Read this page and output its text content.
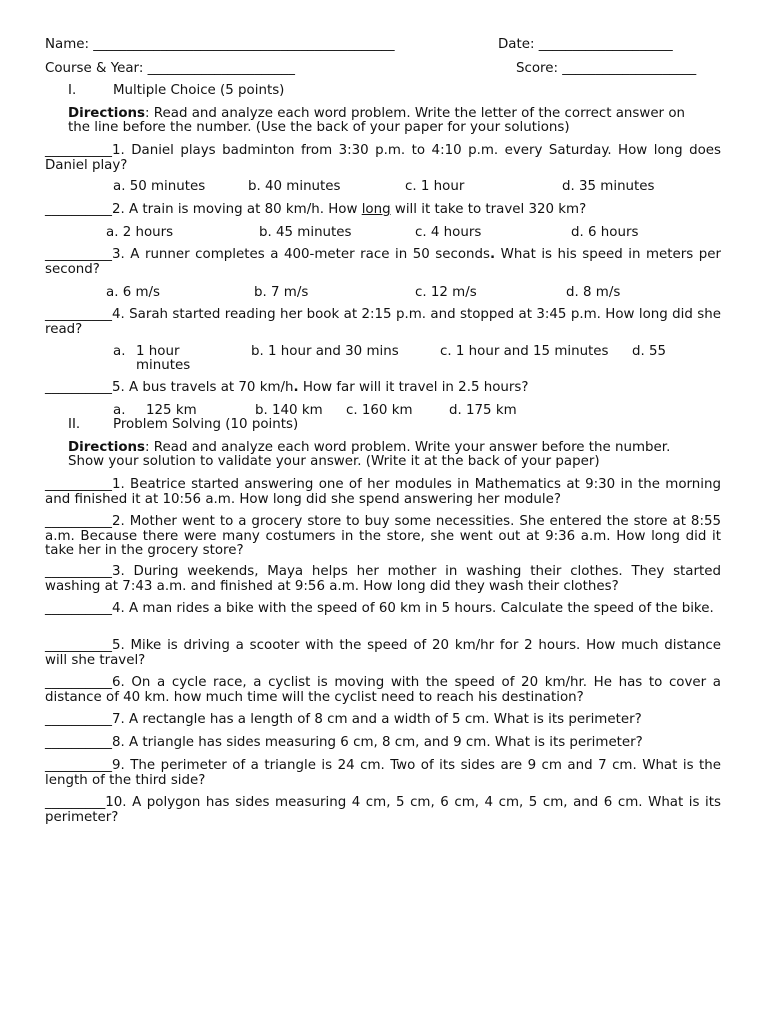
Name: _____________________________________________	Date: ____________________
Course & Year: ______________________	Score: ____________________
I.	Multiple Choice (5 points)
Directions: Read and analyze each word problem. Write the letter of the correct answer on
the line before the number. (Use the back of your paper for your solutions)
__________1. Daniel plays badminton from 3:30 p.m. to 4:10 p.m. every Saturday. How long does Daniel play?
a. 50 minutes	b. 40 minutes	c. 1 hour	d. 35 minutes
__________2. A train is moving at 80 km/h. How long will it take to travel 320 km?
a. 2 hours	b. 45 minutes	c. 4 hours	d. 6 hours
__________3. A runner completes a 400-meter race in 50 seconds. What is his speed in meters per second?
a. 6 m/s	b. 7 m/s	c. 12 m/s	d. 8 m/s
__________4. Sarah started reading her book at 2:15 p.m. and stopped at 3:45 p.m. How long did she read?
a. 1 hour
minutes
b. 1 hour and 30 mins	c. 1 hour and 15 minutes d. 55
__________5. A bus travels at 70 km/h. How far will it travel in 2.5 hours?
a. 125 km	b. 140 km c. 160 km	d. 175 km
II. Problem Solving (10 points)
Directions: Read and analyze each word problem. Write your answer before the number.
Show your solution to validate your answer. (Write it at the back of your paper)
__________1. Beatrice started answering one of her modules in Mathematics at 9:30 in the morning and finished it at 10:56 a.m. How long did she spend answering her module?
__________2. Mother went to a grocery store to buy some necessities. She entered the store at 8:55 a.m. Because there were many costumers in the store, she went out at 9:36 a.m. How long did it take her in the grocery store?
__________3. During weekends, Maya helps her mother in washing their clothes. They started washing at 7:43 a.m. and finished at 9:56 a.m. How long did they wash their clothes?
__________4. A man rides a bike with the speed of 60 km in 5 hours. Calculate the speed of the bike.
__________5. Mike is driving a scooter with the speed of 20 km/hr for 2 hours. How much distance will she travel?
__________6. On a cycle race, a cyclist is moving with the speed of 20 km/hr. He has to cover a distance of 40 km. how much time will the cyclist need to reach his destination?
__________7. A rectangle has a length of 8 cm and a width of 5 cm. What is its perimeter?
__________8. A triangle has sides measuring 6 cm, 8 cm, and 9 cm. What is its perimeter?
__________9. The perimeter of a triangle is 24 cm. Two of its sides are 9 cm and 7 cm. What is the length of the third side?
_________10. A polygon has sides measuring 4 cm, 5 cm, 6 cm, 4 cm, 5 cm, and 6 cm. What is its perimeter?
